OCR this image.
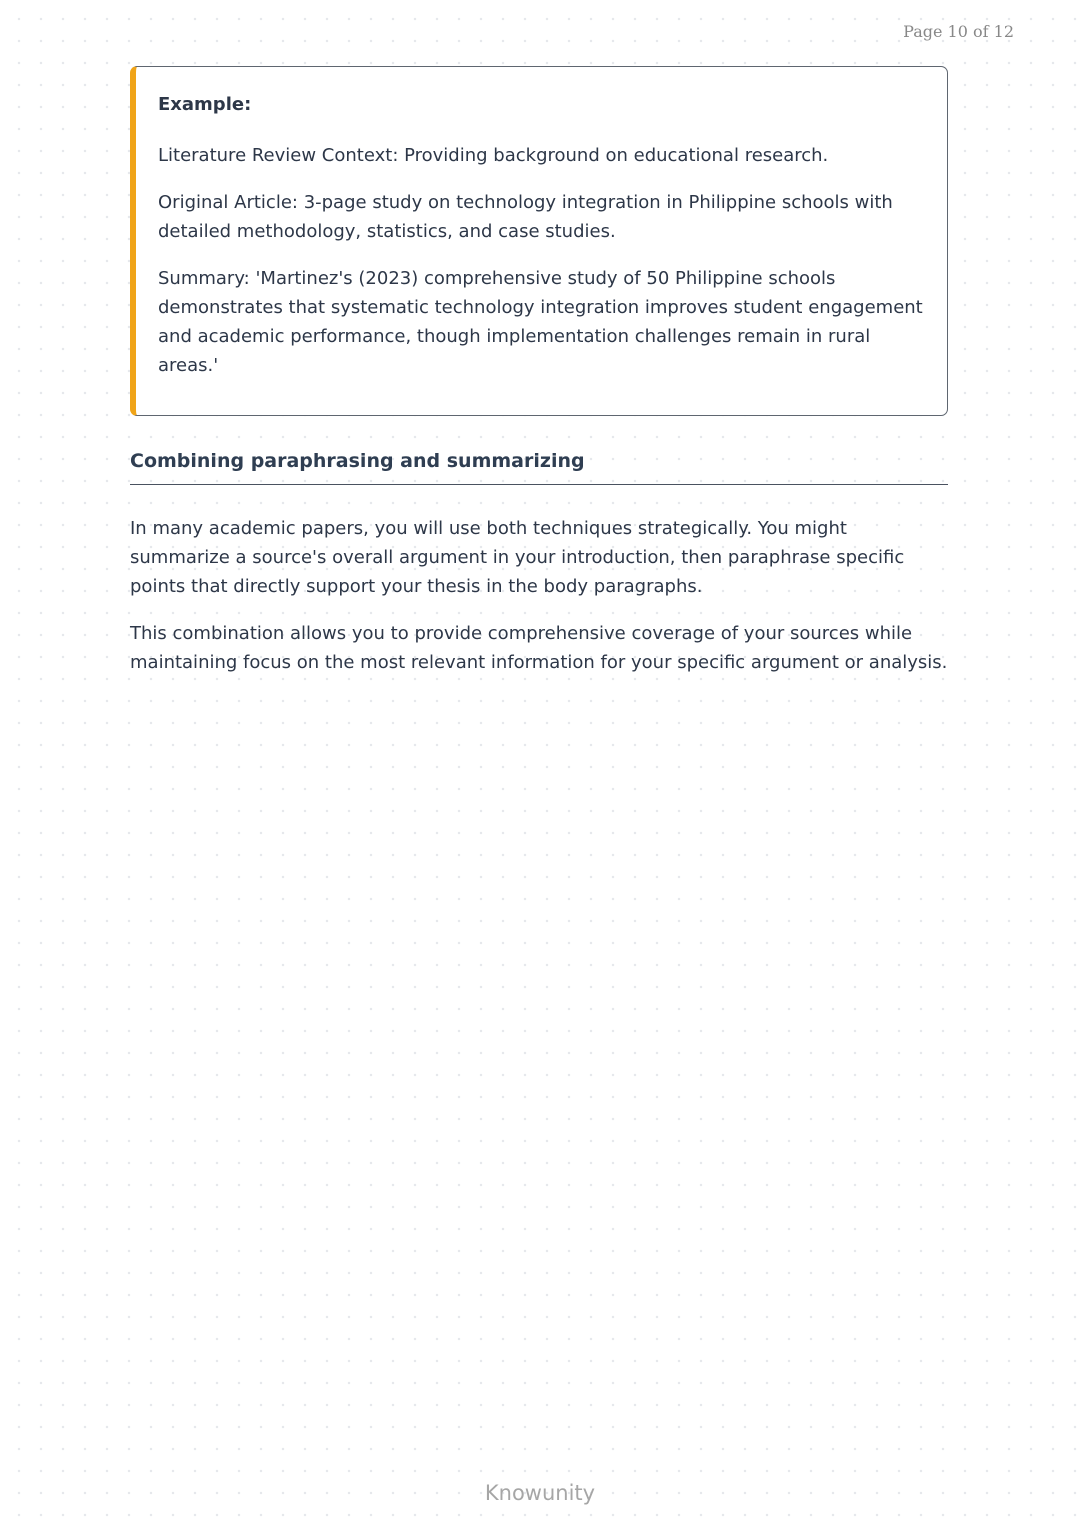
Page 10 of 12
Example:

Literature Review Context: Providing background on educational research.

Original Article: 3-page study on technology integration in Philippine schools with detailed methodology, statistics, and case studies.

Summary: 'Martinez's (2023) comprehensive study of 50 Philippine schools demonstrates that systematic technology integration improves student engagement and academic performance, though implementation challenges remain in rural areas.'

Combining paraphrasing and summarizing

In many academic papers, you will use both techniques strategically. You might summarize a source's overall argument in your introduction, then paraphrase specific points that directly support your thesis in the body paragraphs.

This combination allows you to provide comprehensive coverage of your sources while maintaining focus on the most relevant information for your specific argument or analysis.

Knowunity
